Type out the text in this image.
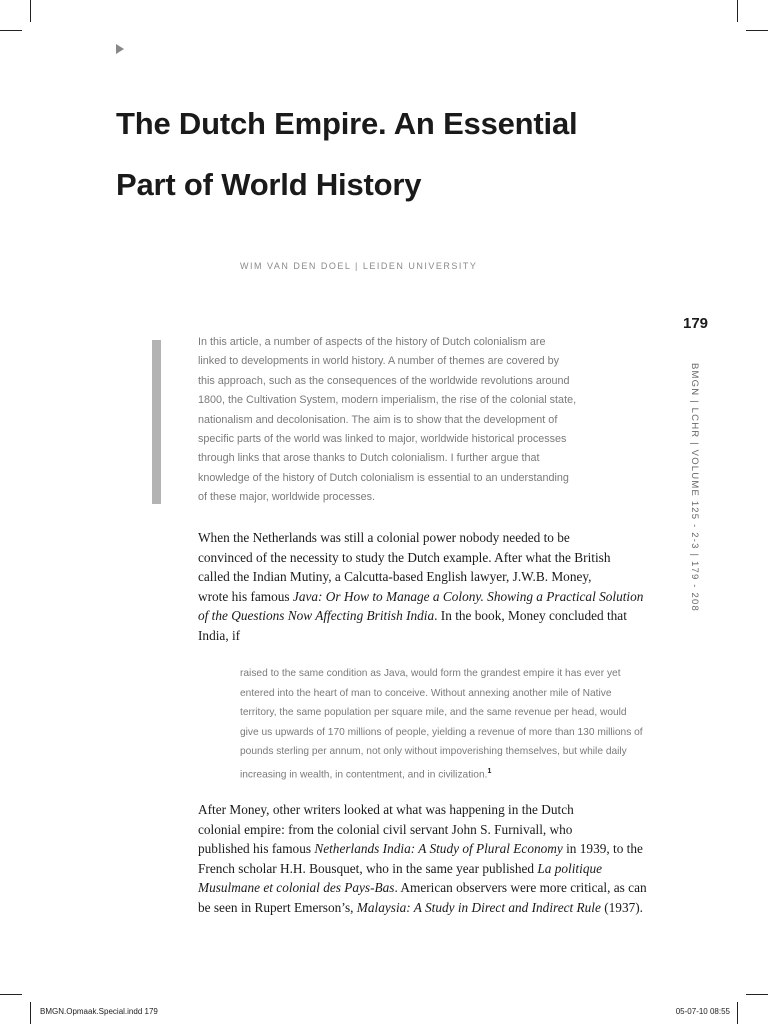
The Dutch Empire. An Essential
Part of World History
WIM VAN DEN DOEL | LEIDEN UNIVERSITY
179
BMGN | LCHR | VOLUME 125 - 2-3 | 179 - 208
In this article, a number of aspects of the history of Dutch colonialism are
linked to developments in world history. A number of themes are covered by
this approach, such as the consequences of the worldwide revolutions around
1800, the Cultivation System, modern imperialism, the rise of the colonial state,
nationalism and decolonisation. The aim is to show that the development of
specific parts of the world was linked to major, worldwide historical processes
through links that arose thanks to Dutch colonialism. I further argue that
knowledge of the history of Dutch colonialism is essential to an understanding
of these major, worldwide processes.
When the Netherlands was still a colonial power nobody needed to be
convinced of the necessity to study the Dutch example. After what the British
called the Indian Mutiny, a Calcutta-based English lawyer, J.W.B. Money,
wrote his famous Java: Or How to Manage a Colony. Showing a Practical Solution
of the Questions Now Affecting British India. In the book, Money concluded that
India, if
raised to the same condition as Java, would form the grandest empire it has ever yet
entered into the heart of man to conceive. Without annexing another mile of Native
territory, the same population per square mile, and the same revenue per head, would
give us upwards of 170 millions of people, yielding a revenue of more than 130 millions of
pounds sterling per annum, not only without impoverishing themselves, but while daily
increasing in wealth, in contentment, and in civilization.$^1$
After Money, other writers looked at what was happening in the Dutch
colonial empire: from the colonial civil servant John S. Furnivall, who
published his famous Netherlands India: A Study of Plural Economy in 1939, to the
French scholar H.H. Bousquet, who in the same year published La politique
Musulmane et colonial des Pays-Bas. American observers were more critical, as can
be seen in Rupert Emerson’s, Malaysia: A Study in Direct and Indirect Rule (1937).
BMGN.Opmaak.Special.indd 179	05-07-10 08:55
